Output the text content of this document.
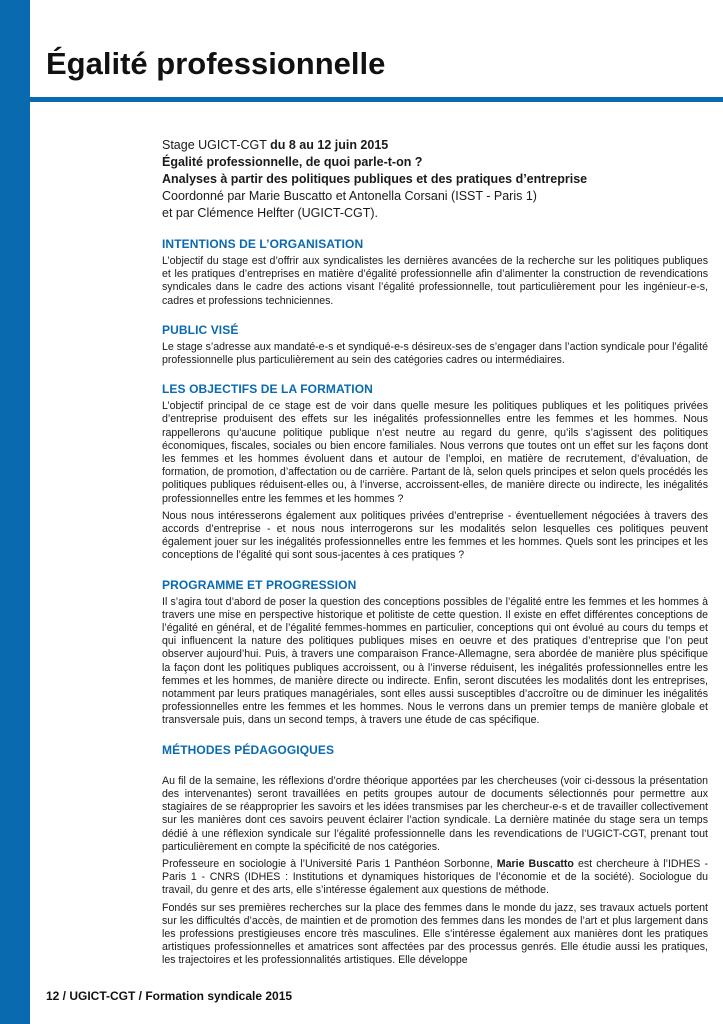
Égalité professionnelle
Stage UGICT-CGT du 8 au 12 juin 2015
Égalité professionnelle, de quoi parle-t-on ?
Analyses à partir des politiques publiques et des pratiques d’entreprise
Coordonné par Marie Buscatto et Antonella Corsani (ISST - Paris 1)
et par Clémence Helfter (UGICT-CGT).
INTENTIONS DE L’ORGANISATION

L’objectif du stage est d’offrir aux syndicalistes les dernières avancées de la recherche sur les politiques publiques et les pratiques d’entreprises en matière d’égalité professionnelle afin d’alimenter la construction de revendications syndicales dans le cadre des actions visant l’égalité professionnelle, tout particulièrement pour les ingénieur-e-s, cadres et professions techniciennes.

PUBLIC VISÉ

Le stage s’adresse aux mandaté-e-s et syndiqué-e-s désireux-ses de s’engager dans l’action syndicale pour l’égalité professionnelle plus particulièrement au sein des catégories cadres ou intermédiaires.

LES OBJECTIFS DE LA FORMATION

L’objectif principal de ce stage est de voir dans quelle mesure les politiques publiques et les politiques privées d’entreprise produisent des effets sur les inégalités professionnelles entre les femmes et les hommes. Nous rappellerons qu’aucune politique publique n’est neutre au regard du genre, qu’ils s’agissent des politiques économiques, fiscales, sociales ou bien encore familiales. Nous verrons que toutes ont un effet sur les façons dont les femmes et les hommes évoluent dans et autour de l’emploi, en matière de recrutement, d’évaluation, de formation, de promotion, d’affectation ou de carrière. Partant de là, selon quels principes et selon quels procédés les politiques publiques réduisent-elles ou, à l’inverse, accroissent-elles, de manière directe ou indirecte, les inégalités professionnelles entre les femmes et les hommes ?

Nous nous intéresserons également aux politiques privées d’entreprise - éventuellement négociées à travers des accords d’entreprise - et nous nous interrogerons sur les modalités selon lesquelles ces politiques peuvent également jouer sur les inégalités professionnelles entre les femmes et les hommes. Quels sont les principes et les conceptions de l’égalité qui sont sous-jacentes à ces pratiques ?

PROGRAMME ET PROGRESSION

Il s’agira tout d’abord de poser la question des conceptions possibles de l’égalité entre les femmes et les hommes à travers une mise en perspective historique et politiste de cette question. Il existe en effet différentes conceptions de l’égalité en général, et de l’égalité femmes-hommes en particulier, conceptions qui ont évolué au cours du temps et qui influencent la nature des politiques publiques mises en oeuvre et des pratiques d’entreprise que l’on peut observer aujourd’hui. Puis, à travers une comparaison France-Allemagne, sera abordée de manière plus spécifique la façon dont les politiques publiques accroissent, ou à l’inverse réduisent, les inégalités professionnelles entre les femmes et les hommes, de manière directe ou indirecte. Enfin, seront discutées les modalités dont les entreprises, notamment par leurs pratiques managériales, sont elles aussi susceptibles d’accroître ou de diminuer les inégalités professionnelles entre les femmes et les hommes. Nous le verrons dans un premier temps de manière globale et transversale puis, dans un second temps, à travers une étude de cas spécifique.

MÉTHODES PÉDAGOGIQUES

Au fil de la semaine, les réflexions d’ordre théorique apportées par les chercheuses (voir ci-dessous la présentation des intervenantes) seront travaillées en petits groupes autour de documents sélectionnés pour permettre aux stagiaires de se réapproprier les savoirs et les idées transmises par les chercheur-e-s et de travailler collectivement sur les manières dont ces savoirs peuvent éclairer l’action syndicale. La dernière matinée du stage sera un temps dédié à une réflexion syndicale sur l’égalité professionnelle dans les revendications de l’UGICT-CGT, prenant tout particulièrement en compte la spécificité de nos catégories.

Professeure en sociologie à l’Université Paris 1 Panthéon Sorbonne, Marie Buscatto est chercheure à l’IDHES - Paris 1 - CNRS (IDHES : Institutions et dynamiques historiques de l’économie et de la société). Sociologue du travail, du genre et des arts, elle s’intéresse également aux questions de méthode.

Fondés sur ses premières recherches sur la place des femmes dans le monde du jazz, ses travaux actuels portent sur les difficultés d’accès, de maintien et de promotion des femmes dans les mondes de l’art et plus largement dans les professions prestigieuses encore très masculines. Elle s’intéresse également aux manières dont les pratiques artistiques professionnelles et amatrices sont affectées par des processus genrés. Elle étudie aussi les pratiques, les trajectoires et les professionnalités artistiques. Elle développe

12 / UGICT-CGT / Formation syndicale 2015
